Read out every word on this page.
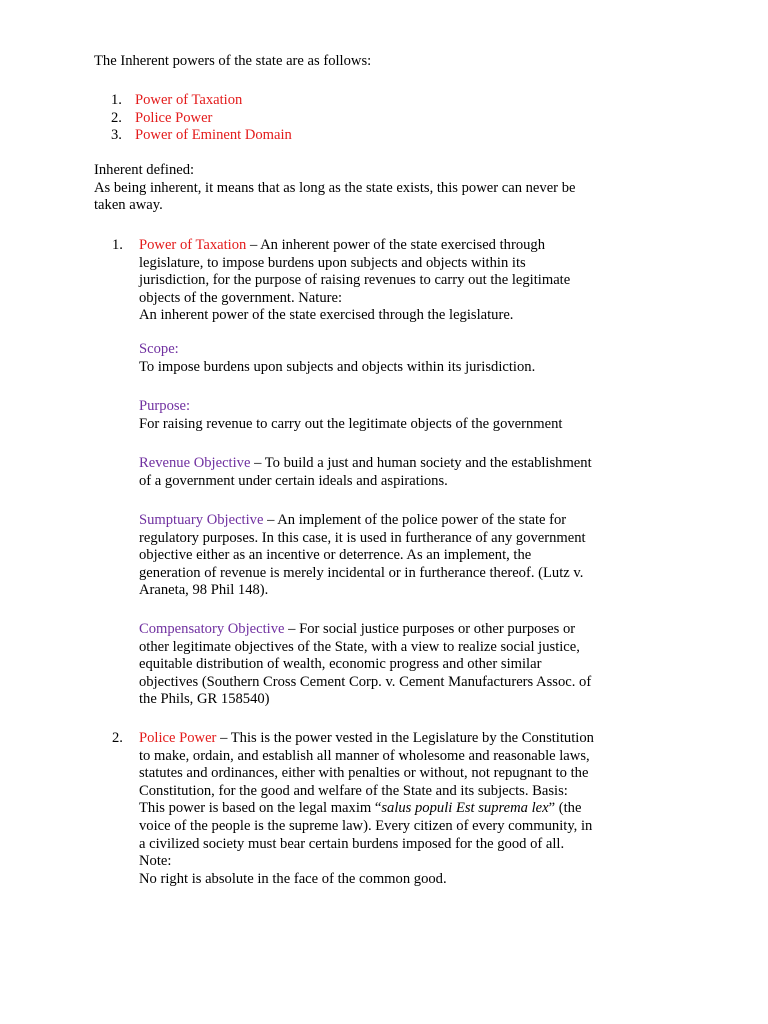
The Inherent powers of the state are as follows:
1. Power of Taxation
2. Police Power
3. Power of Eminent Domain
Inherent defined:
As being inherent, it means that as long as the state exists, this power can never be
taken away.
1. Power of Taxation – An inherent power of the state exercised through
legislature, to impose burdens upon subjects and objects within its
jurisdiction, for the purpose of raising revenues to carry out the legitimate
objects of the government. Nature:
An inherent power of the state exercised through the legislature.
Scope:
To impose burdens upon subjects and objects within its jurisdiction.
Purpose:
For raising revenue to carry out the legitimate objects of the government
Revenue Objective – To build a just and human society and the establishment
of a government under certain ideals and aspirations.
Sumptuary Objective – An implement of the police power of the state for
regulatory purposes. In this case, it is used in furtherance of any government
objective either as an incentive or deterrence. As an implement, the
generation of revenue is merely incidental or in furtherance thereof. (Lutz v.
Araneta, 98 Phil 148).
Compensatory Objective – For social justice purposes or other purposes or
other legitimate objectives of the State, with a view to realize social justice,
equitable distribution of wealth, economic progress and other similar
objectives (Southern Cross Cement Corp. v. Cement Manufacturers Assoc. of
the Phils, GR 158540)
2. Police Power – This is the power vested in the Legislature by the Constitution
to make, ordain, and establish all manner of wholesome and reasonable laws,
statutes and ordinances, either with penalties or without, not repugnant to the
Constitution, for the good and welfare of the State and its subjects. Basis:
This power is based on the legal maxim “salus populi Est suprema lex” (the
voice of the people is the supreme law). Every citizen of every community, in
a civilized society must bear certain burdens imposed for the good of all.
Note:
No right is absolute in the face of the common good.
